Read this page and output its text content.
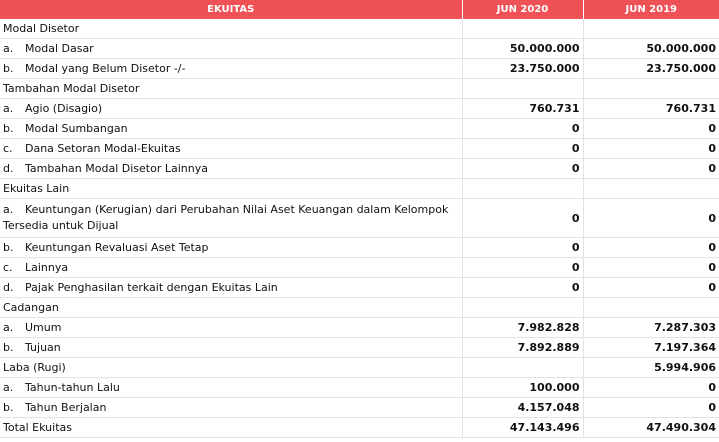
EKUITAS	JUN 2020	JUN 2019
Modal Disetor		
a. Modal Dasar	50.000.000	50.000.000
b. Modal yang Belum Disetor -/-	23.750.000	23.750.000
Tambahan Modal Disetor		
a. Agio (Disagio)	760.731	760.731
b. Modal Sumbangan	0	0
c. Dana Setoran Modal-Ekuitas	0	0
d. Tambahan Modal Disetor Lainnya	0	0
Ekuitas Lain		
a. Keuntungan (Kerugian) dari Perubahan Nilai Aset Keuangan dalam Kelompok Tersedia untuk Dijual	0	0
b. Keuntungan Revaluasi Aset Tetap	0	0
c. Lainnya	0	0
d. Pajak Penghasilan terkait dengan Ekuitas Lain	0	0
Cadangan		
a. Umum	7.982.828	7.287.303
b. Tujuan	7.892.889	7.197.364
Laba (Rugi)		5.994.906
a. Tahun-tahun Lalu	100.000	0
b. Tahun Berjalan	4.157.048	0
Total Ekuitas	47.143.496	47.490.304
